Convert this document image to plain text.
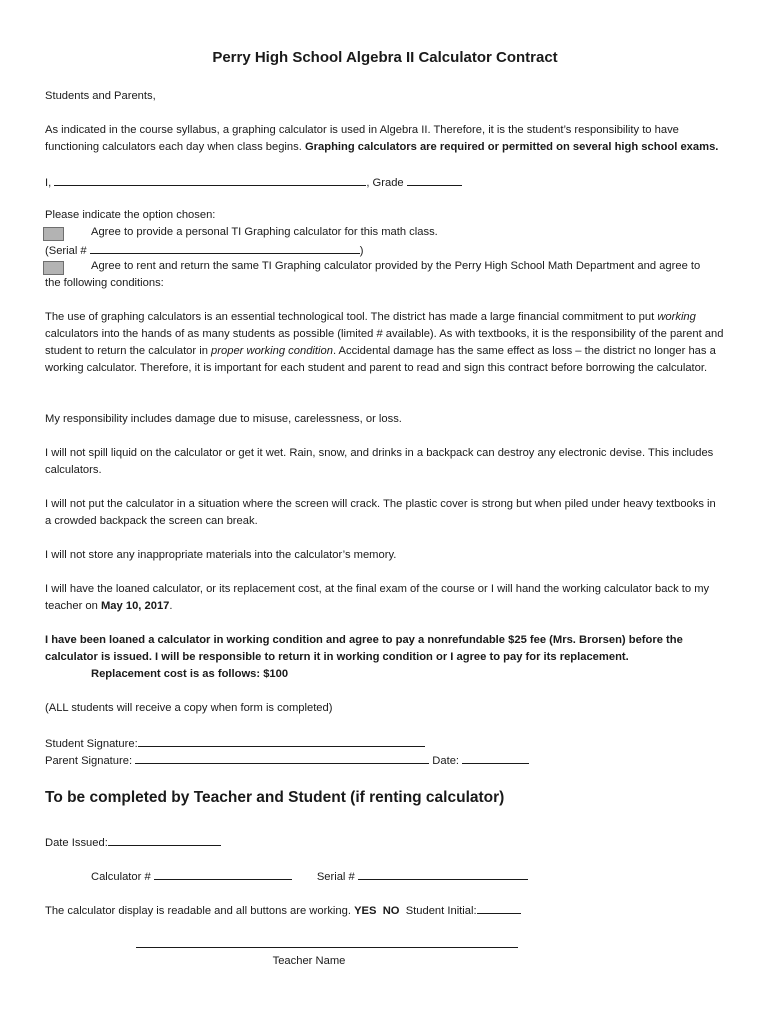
Perry High School Algebra II Calculator Contract
Students and Parents,
As indicated in the course syllabus, a graphing calculator is used in Algebra II. Therefore, it is the student’s responsibility to have functioning calculators each day when class begins. Graphing calculators are required or permitted on several high school exams.
I,	, Grade
Please indicate the option chosen:
Agree to provide a personal TI Graphing calculator for this math class.
(Serial #	)
Agree to rent and return the same TI Graphing calculator provided by the Perry High School Math Department and agree to
the following conditions:
The use of graphing calculators is an essential technological tool. The district has made a large financial commitment to put working calculators into the hands of as many students as possible (limited # available). As with textbooks, it is the responsibility of the parent and student to return the calculator in proper working condition. Accidental damage has the same effect as loss – the district no longer has a working calculator. Therefore, it is important for each student and parent to read and sign this contract before borrowing the calculator.
My responsibility includes damage due to misuse, carelessness, or loss.
I will not spill liquid on the calculator or get it wet. Rain, snow, and drinks in a backpack can destroy any electronic devise. This includes calculators.
I will not put the calculator in a situation where the screen will crack. The plastic cover is strong but when piled under heavy textbooks in a crowded backpack the screen can break.
I will not store any inappropriate materials into the calculator’s memory.
I will have the loaned calculator, or its replacement cost, at the final exam of the course or I will hand the working calculator back to my teacher on May 10, 2017.
I have been loaned a calculator in working condition and agree to pay a nonrefundable $25 fee (Mrs. Brorsen) before the calculator is issued. I will be responsible to return it in working condition or I agree to pay for its replacement.
Replacement cost is as follows: $100
(ALL students will receive a copy when form is completed)
Student Signature:
Parent Signature:	Date:
To be completed by Teacher and Student (if renting calculator)
Date Issued:
Calculator #	Serial #
The calculator display is readable and all buttons are working. YES NO Student Initial:
Teacher Name
